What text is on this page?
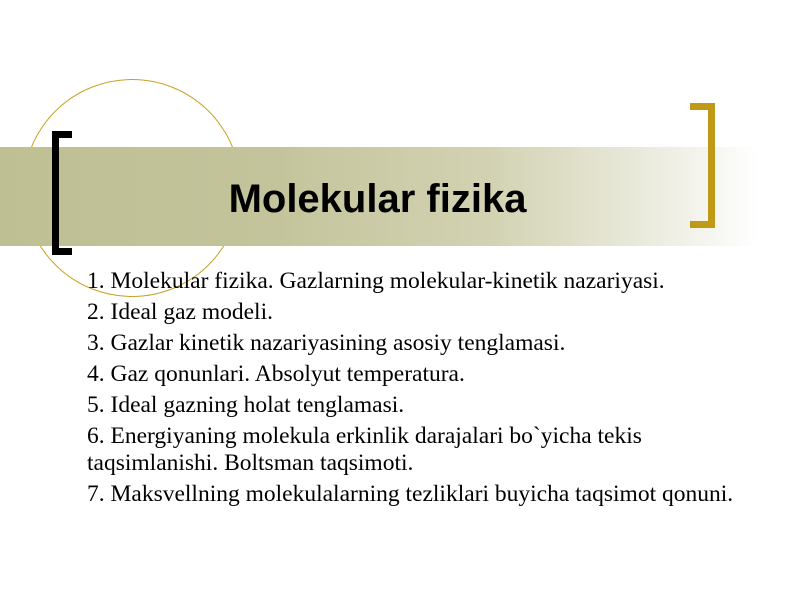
Molekular fizika
1. Molekular fizika. Gazlarning molekular-kinetik nazariyasi.
2. Ideal gaz modeli.
3. Gazlar kinetik nazariyasining asosiy tenglamasi.
4. Gaz qonunlari. Absolyut temperatura.
5. Ideal gazning holat tenglamasi.
6. Energiyaning molekula erkinlik darajalari bo`yicha tekis taqsimlanishi. Boltsman taqsimoti.
7. Maksvellning molekulalarning tezliklari buyicha taqsimot qonuni.
